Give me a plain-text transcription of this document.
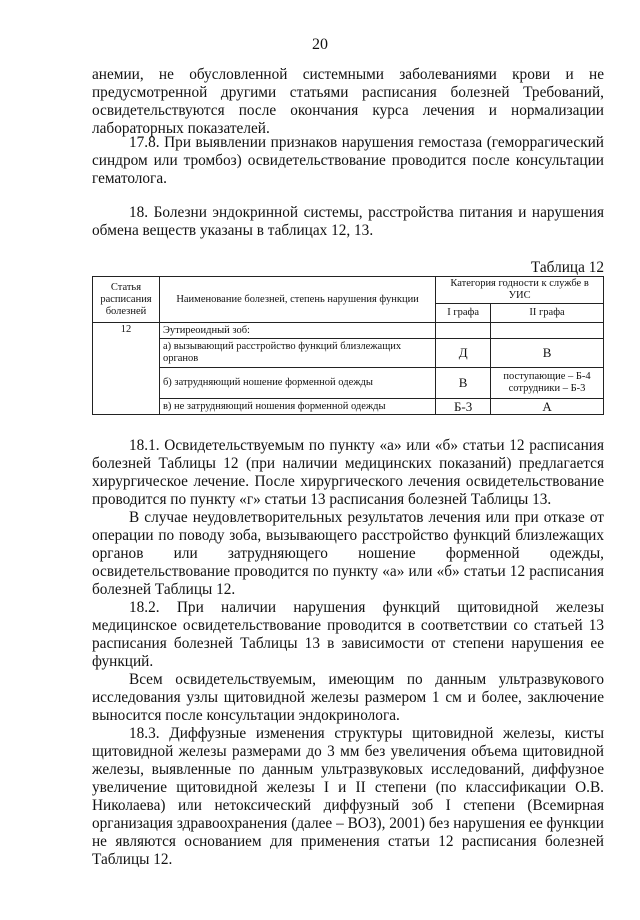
20

анемии, не обусловленной системными заболеваниями крови и не предусмотренной другими статьями расписания болезней Требований, освидетельствуются после окончания курса лечения и нормализации лабораторных показателей.

17.8. При выявлении признаков нарушения гемостаза (геморрагический синдром или тромбоз) освидетельствование проводится после консультации гематолога.

18. Болезни эндокринной системы, расстройства питания и нарушения обмена веществ указаны в таблицах 12, 13.

Таблица 12
Статья расписания болезней	Наименование болезней, степень нарушения функции	Категория годности к службе в УИС	
		I графа	II графа
12	Эутиреоидный зоб:		
	а) вызывающий расстройство функций близлежащих органов	Д	В
	б) затрудняющий ношение форменной одежды	В	поступающие – Б-4 сотрудники – Б-3
	в) не затрудняющий ношения форменной одежды	Б-3	А

18.1. Освидетельствуемым по пункту «а» или «б» статьи 12 расписания болезней Таблицы 12 (при наличии медицинских показаний) предлагается хирургическое лечение. После хирургического лечения освидетельствование проводится по пункту «г» статьи 13 расписания болезней Таблицы 13.

В случае неудовлетворительных результатов лечения или при отказе от операции по поводу зоба, вызывающего расстройство функций близлежащих органов или затрудняющего ношение форменной одежды, освидетельствование проводится по пункту «а» или «б» статьи 12 расписания болезней Таблицы 12.

18.2. При наличии нарушения функций щитовидной железы медицинское освидетельствование проводится в соответствии со статьей 13 расписания болезней Таблицы 13 в зависимости от степени нарушения ее функций.

Всем освидетельствуемым, имеющим по данным ультразвукового исследования узлы щитовидной железы размером 1 см и более, заключение выносится после консультации эндокринолога.

18.3. Диффузные изменения структуры щитовидной железы, кисты щитовидной железы размерами до 3 мм без увеличения объема щитовидной железы, выявленные по данным ультразвуковых исследований, диффузное увеличение щитовидной железы I и II степени (по классификации О.В. Николаева) или нетоксический диффузный зоб I степени (Всемирная организация здравоохранения (далее – ВОЗ), 2001) без нарушения ее функции не являются основанием для применения статьи 12 расписания болезней Таблицы 12.
